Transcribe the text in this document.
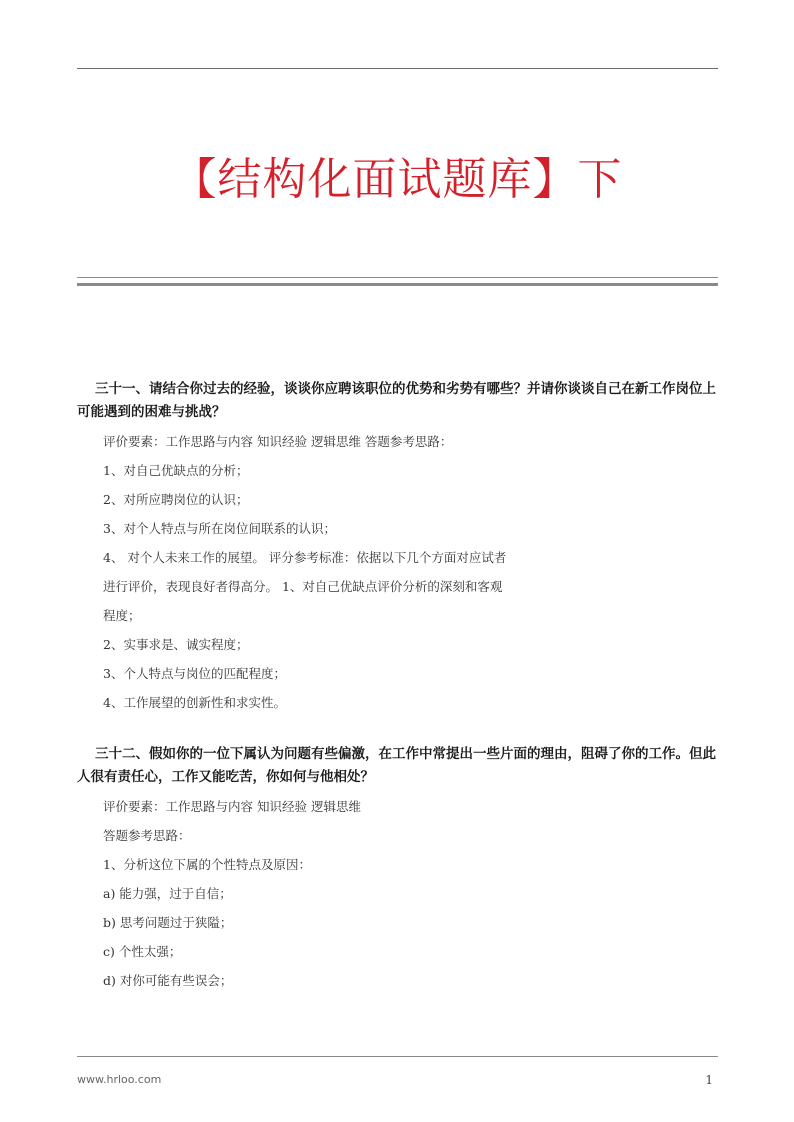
【结构化面试题库】下
三十一、请结合你过去的经验，谈谈你应聘该职位的优势和劣势有哪些？并请你谈谈自己在新工作岗位上
可能遇到的困难与挑战？
评价要素：工作思路与内容 知识经验 逻辑思维 答题参考思路：
1、对自己优缺点的分析；
2、对所应聘岗位的认识；
3、对个人特点与所在岗位间联系的认识；
4、 对个人未来工作的展望。 评分参考标准：依据以下几个方面对应试者
进行评价，表现良好者得高分。 1、对自己优缺点评价分析的深刻和客观
程度；
2、实事求是、诚实程度；
3、个人特点与岗位的匹配程度；
4、工作展望的创新性和求实性。
三十二、假如你的一位下属认为问题有些偏激，在工作中常提出一些片面的理由，阻碍了你的工作。但此
人很有责任心，工作又能吃苦，你如何与他相处？
评价要素：工作思路与内容 知识经验 逻辑思维
答题参考思路：
1、分析这位下属的个性特点及原因：
a) 能力强，过于自信；
b) 思考问题过于狭隘；
c) 个性太强；
d) 对你可能有些误会；
www.hrloo.com	1
